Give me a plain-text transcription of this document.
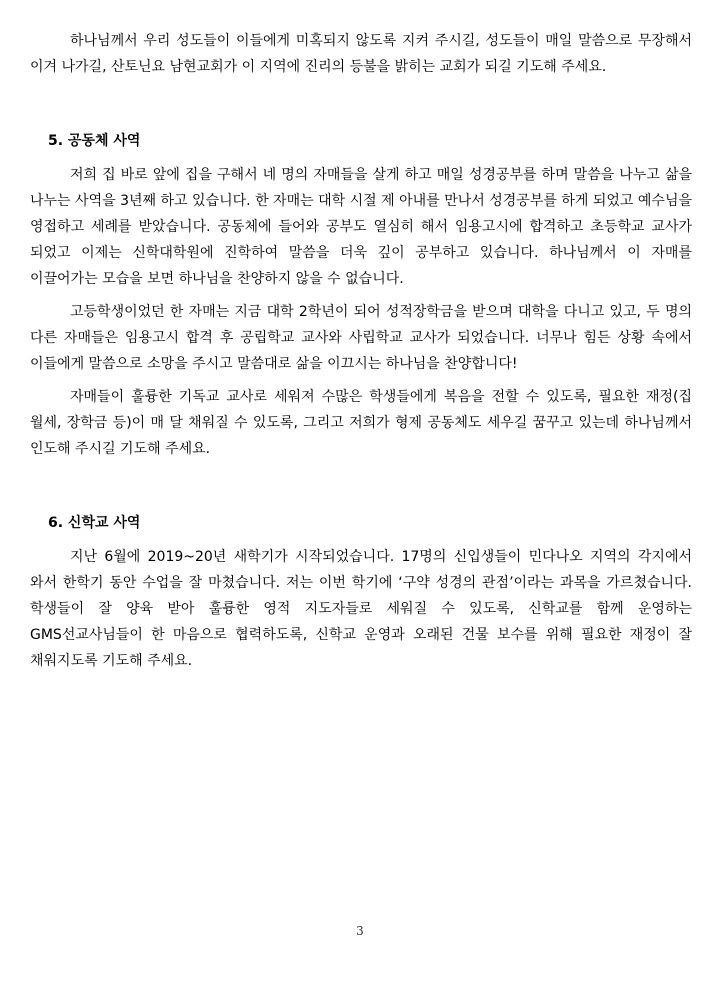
하나님께서 우리 성도들이 이들에게 미혹되지 않도록 지켜 주시길, 성도들이 매일 말씀으로 무장해서 이겨 나가길, 산토닌요 남현교회가 이 지역에 진리의 등불을 밝히는 교회가 되길 기도해 주세요.

5. 공동체 사역

저희 집 바로 앞에 집을 구해서 네 명의 자매들을 살게 하고 매일 성경공부를 하며 말씀을 나누고 삶을 나누는 사역을 3년째 하고 있습니다. 한 자매는 대학 시절 제 아내를 만나서 성경공부를 하게 되었고 예수님을 영접하고 세례를 받았습니다. 공동체에 들어와 공부도 열심히 해서 임용고시에 합격하고 초등학교 교사가 되었고 이제는 신학대학원에 진학하여 말씀을 더욱 깊이 공부하고 있습니다. 하나님께서 이 자매를 이끌어가는 모습을 보면 하나님을 찬양하지 않을 수 없습니다.

고등학생이었던 한 자매는 지금 대학 2학년이 되어 성적장학금을 받으며 대학을 다니고 있고, 두 명의 다른 자매들은 임용고시 합격 후 공립학교 교사와 사립학교 교사가 되었습니다. 너무나 힘든 상황 속에서 이들에게 말씀으로 소망을 주시고 말씀대로 삶을 이끄시는 하나님을 찬양합니다!

자매들이 훌륭한 기독교 교사로 세워져 수많은 학생들에게 복음을 전할 수 있도록, 필요한 재정(집 월세, 장학금 등)이 매 달 채워질 수 있도록, 그리고 저희가 형제 공동체도 세우길 꿈꾸고 있는데 하나님께서 인도해 주시길 기도해 주세요.

6. 신학교 사역

지난 6월에 2019~20년 새학기가 시작되었습니다. 17명의 신입생들이 민다나오 지역의 각지에서 와서 한학기 동안 수업을 잘 마쳤습니다. 저는 이번 학기에 ‘구약 성경의 관점’이라는 과목을 가르쳤습니다. 학생들이 잘 양육 받아 훌륭한 영적 지도자들로 세워질 수 있도록, 신학교를 함께 운영하는 GMS선교사님들이 한 마음으로 협력하도록, 신학교 운영과 오래된 건물 보수를 위해 필요한 재정이 잘 채워지도록 기도해 주세요.

3
